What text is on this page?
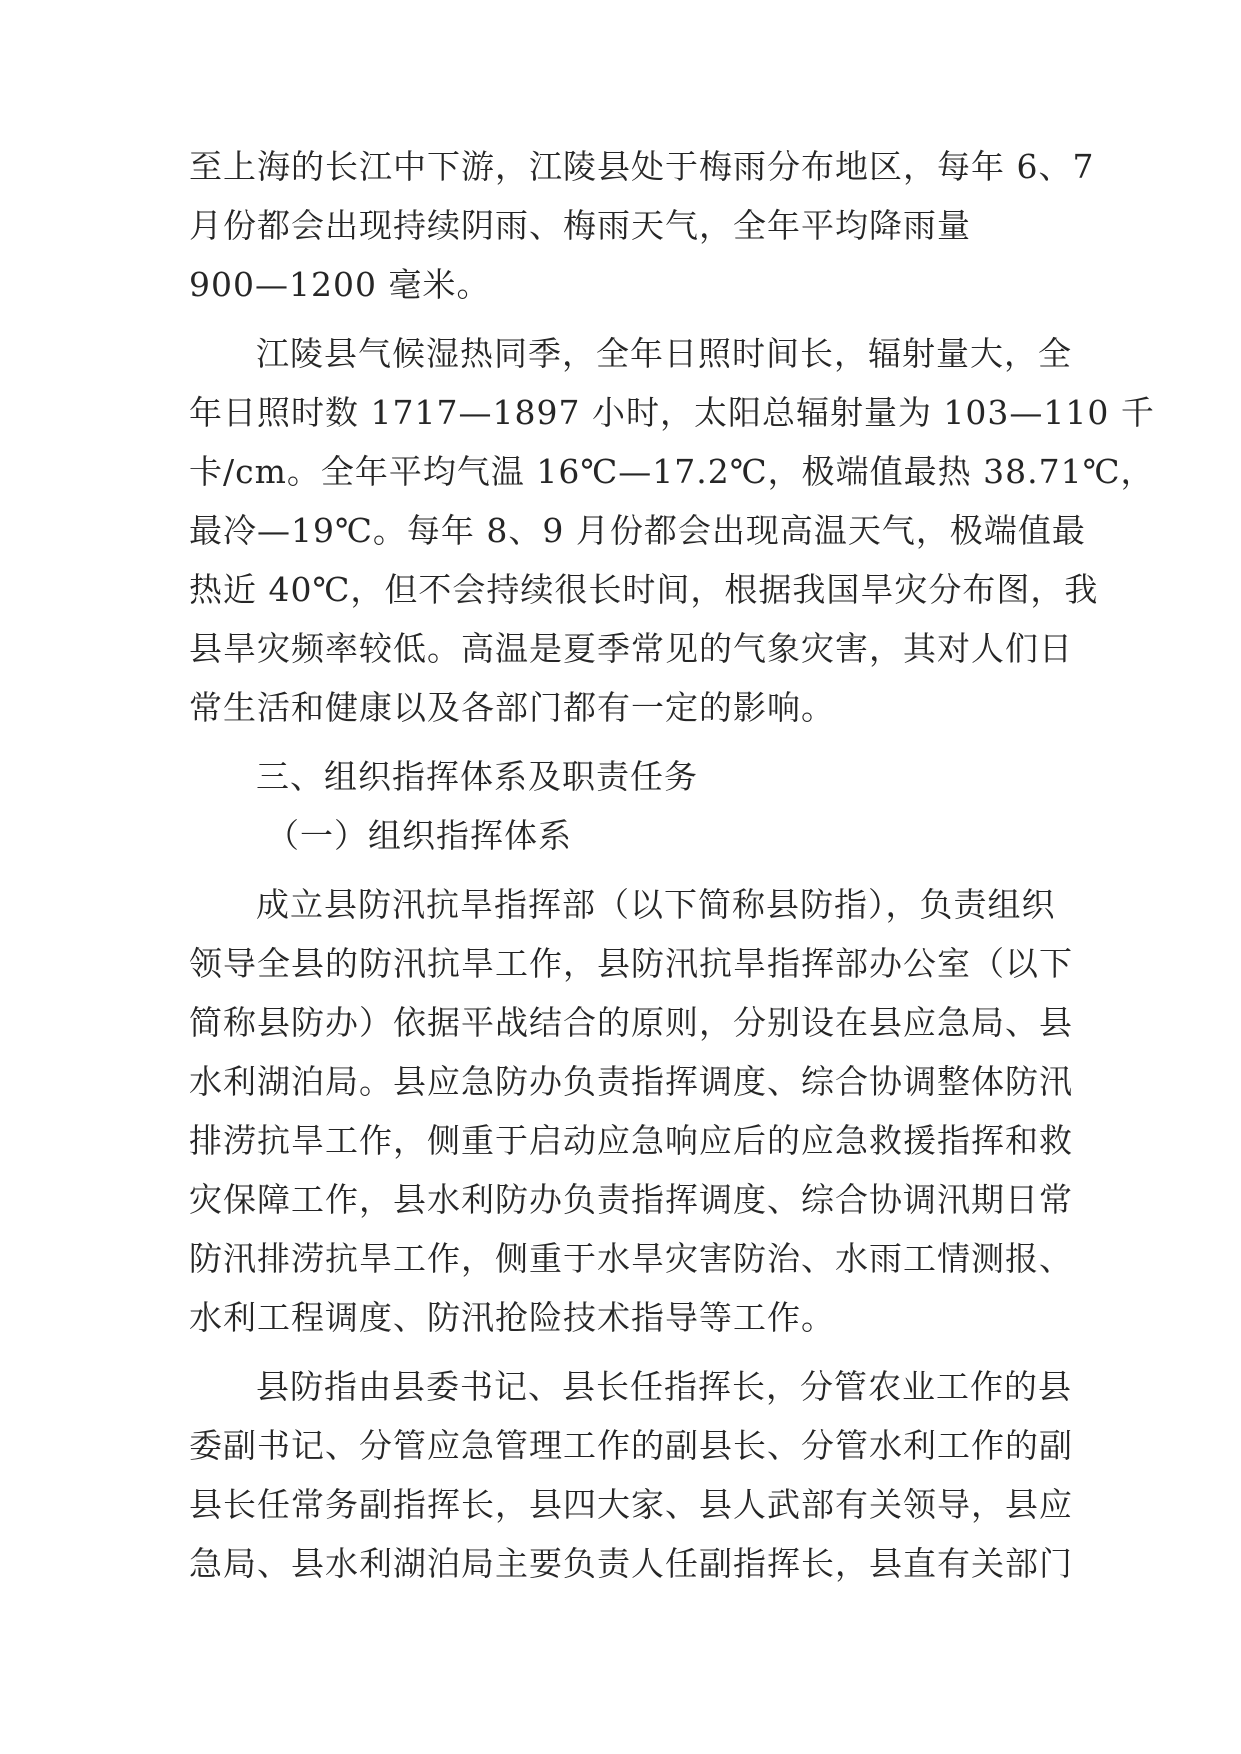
至上海的长江中下游，江陵县处于梅雨分布地区，每年 6、7
月份都会出现持续阴雨、梅雨天气，全年平均降雨量
900—1200 毫米。
江陵县气候湿热同季，全年日照时间长，辐射量大，全
年日照时数 1717—1897 小时，太阳总辐射量为 103—110 千
卡/cm。全年平均气温 16℃—17.2℃，极端值最热 38.71℃，
最冷—19℃。每年 8、9 月份都会出现高温天气，极端值最
热近 40℃，但不会持续很长时间，根据我国旱灾分布图，我
县旱灾频率较低。高温是夏季常见的气象灾害，其对人们日
常生活和健康以及各部门都有一定的影响。
三、组织指挥体系及职责任务
（一）组织指挥体系
成立县防汛抗旱指挥部（以下简称县防指），负责组织
领导全县的防汛抗旱工作，县防汛抗旱指挥部办公室（以下
简称县防办）依据平战结合的原则，分别设在县应急局、县
水利湖泊局。县应急防办负责指挥调度、综合协调整体防汛
排涝抗旱工作，侧重于启动应急响应后的应急救援指挥和救
灾保障工作，县水利防办负责指挥调度、综合协调汛期日常
防汛排涝抗旱工作，侧重于水旱灾害防治、水雨工情测报、
水利工程调度、防汛抢险技术指导等工作。
县防指由县委书记、县长任指挥长，分管农业工作的县
委副书记、分管应急管理工作的副县长、分管水利工作的副
县长任常务副指挥长，县四大家、县人武部有关领导，县应
急局、县水利湖泊局主要负责人任副指挥长，县直有关部门
